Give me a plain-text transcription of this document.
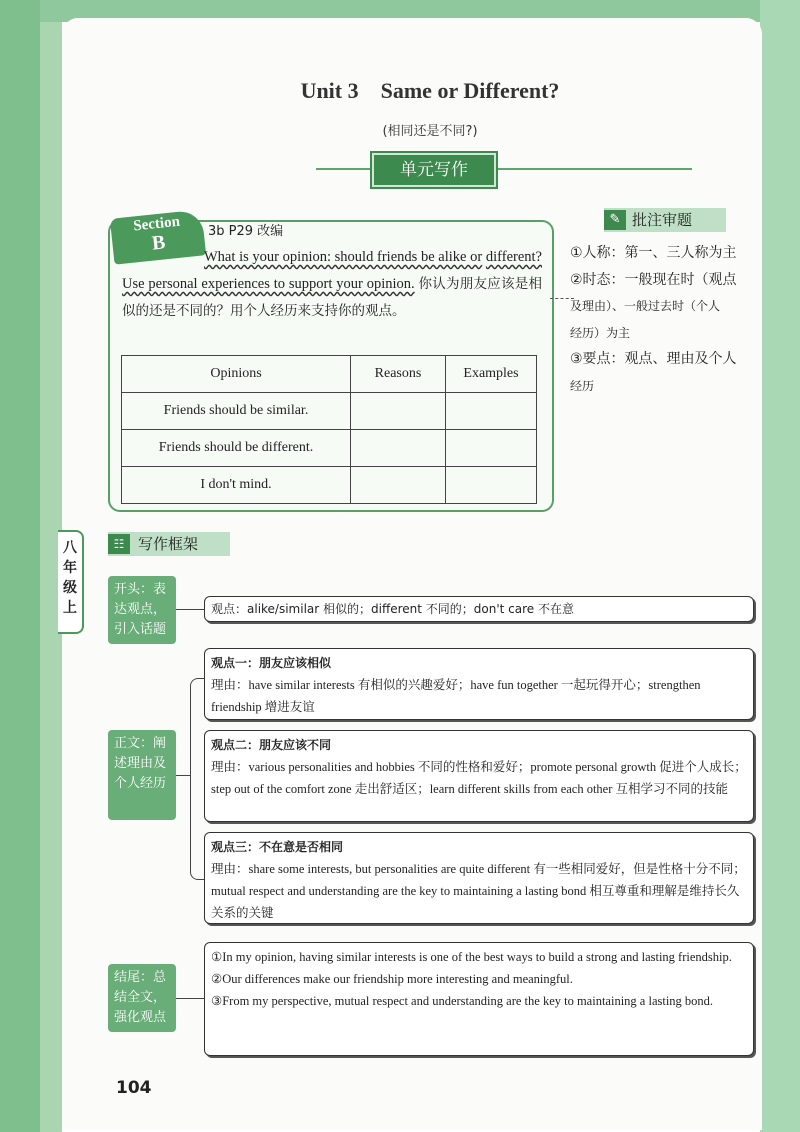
Unit 3    Same or Different?
(相同还是不同?)
单元写作
Section
B	3b P29 改编
What is your opinion: should friends be alike or different? Use personal experiences to support your opinion. 你认为朋友应该是相似的还是不同的？用个人经历来支持你的观点。
Opinions	Reasons	Examples
Friends should be similar.		
Friends should be different.		
I don't mind.		
批注审题
✎
①人称：第一、三人称为主
②时态：一般现在时（观点
及理由）、一般过去时（个人
经历）为主
③要点：观点、理由及个人
经历
八年级上
写作框架
☷
开头：表达观点，引入话题
观点：alike/similar 相似的；different 不同的；don't care 不在意
正文：阐述理由及个人经历
观点一：朋友应该相似
理由：have similar interests 有相似的兴趣爱好；have fun together 一起玩得开心；strengthen friendship 增进友谊
观点二：朋友应该不同
理由：various personalities and hobbies 不同的性格和爱好；promote personal growth 促进个人成长；step out of the comfort zone 走出舒适区；learn different skills from each other 互相学习不同的技能
观点三：不在意是否相同
理由：share some interests, but personalities are quite different 有一些相同爱好，但是性格十分不同；mutual respect and understanding are the key to maintaining a lasting bond 相互尊重和理解是维持长久关系的关键
结尾：总结全文，强化观点
①In my opinion, having similar interests is one of the best ways to build a strong and lasting friendship.
②Our differences make our friendship more interesting and meaningful.
③From my perspective, mutual respect and understanding are the key to maintaining a lasting bond.
104
